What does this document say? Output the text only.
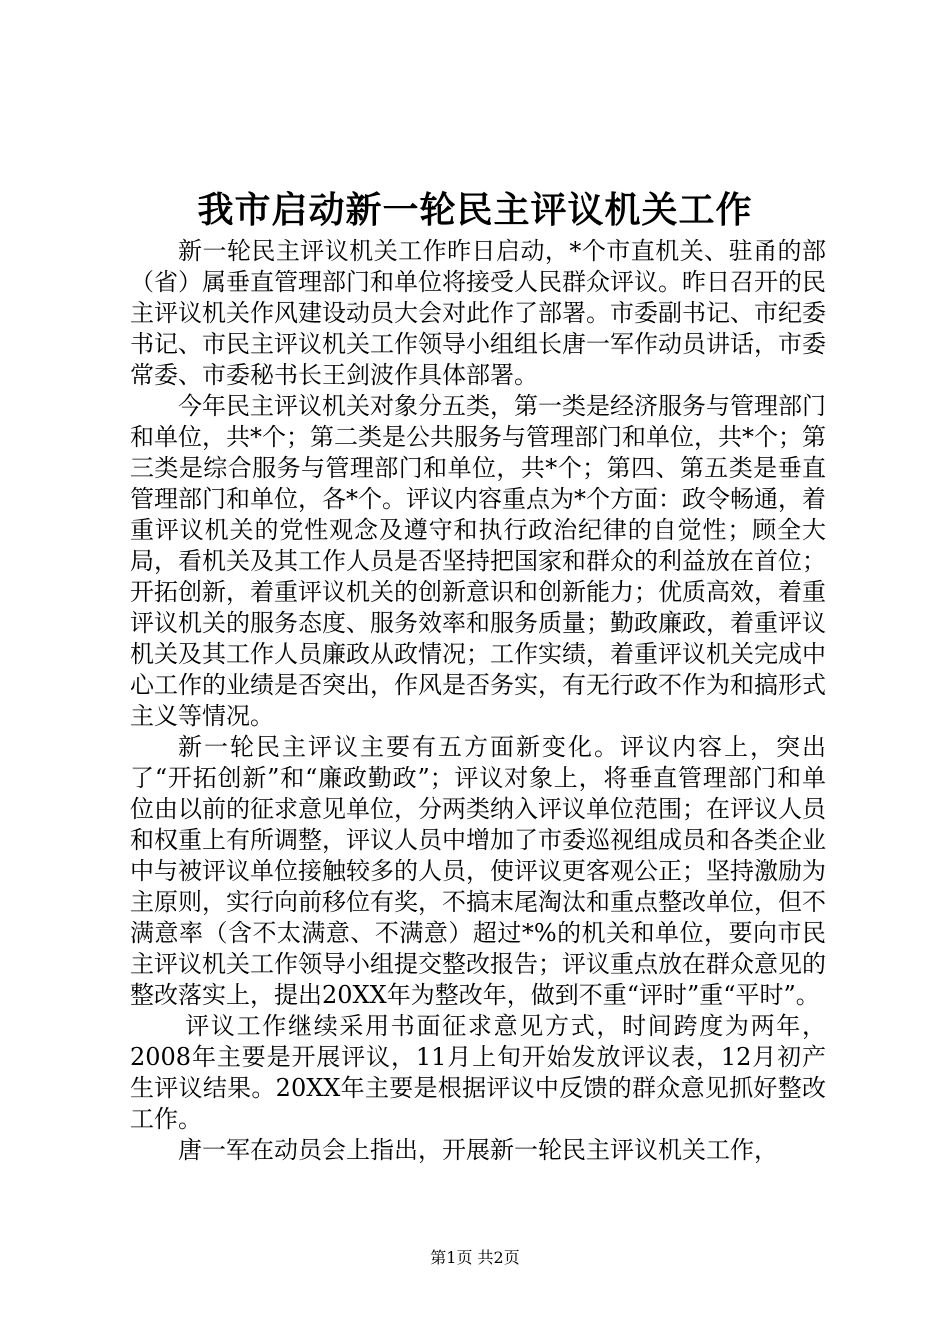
我市启动新一轮民主评议机关工作

新一轮民主评议机关工作昨日启动，*个市直机关、驻甬的部（省）属垂直管理部门和单位将接受人民群众评议。昨日召开的民主评议机关作风建设动员大会对此作了部署。市委副书记、市纪委书记、市民主评议机关工作领导小组组长唐一军作动员讲话，市委常委、市委秘书长王剑波作具体部署。

今年民主评议机关对象分五类，第一类是经济服务与管理部门和单位，共*个；第二类是公共服务与管理部门和单位，共*个；第三类是综合服务与管理部门和单位，共*个；第四、第五类是垂直管理部门和单位，各*个。评议内容重点为*个方面：政令畅通，着重评议机关的党性观念及遵守和执行政治纪律的自觉性；顾全大局，看机关及其工作人员是否坚持把国家和群众的利益放在首位；开拓创新，着重评议机关的创新意识和创新能力；优质高效，着重评议机关的服务态度、服务效率和服务质量；勤政廉政，着重评议机关及其工作人员廉政从政情况；工作实绩，着重评议机关完成中心工作的业绩是否突出，作风是否务实，有无行政不作为和搞形式主义等情况。

新一轮民主评议主要有五方面新变化。评议内容上，突出了“开拓创新”和“廉政勤政”；评议对象上，将垂直管理部门和单位由以前的征求意见单位，分两类纳入评议单位范围；在评议人员和权重上有所调整，评议人员中增加了市委巡视组成员和各类企业中与被评议单位接触较多的人员，使评议更客观公正；坚持激励为主原则，实行向前移位有奖，不搞末尾淘汰和重点整改单位，但不满意率（含不太满意、不满意）超过*%的机关和单位，要向市民主评议机关工作领导小组提交整改报告；评议重点放在群众意见的整改落实上，提出20XX年为整改年，做到不重“评时”重“平时”。

评议工作继续采用书面征求意见方式，时间跨度为两年，2008年主要是开展评议，11月上旬开始发放评议表，12月初产生评议结果。20XX年主要是根据评议中反馈的群众意见抓好整改工作。

唐一军在动员会上指出，开展新一轮民主评议机关工作，

第1页 共2页
